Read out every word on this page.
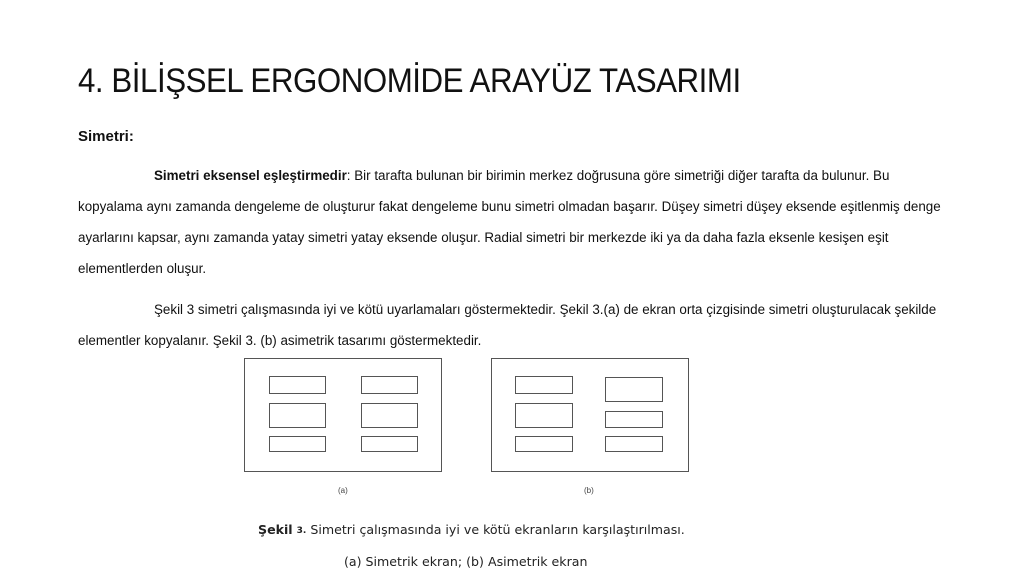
4. BİLİŞSEL ERGONOMİDE ARAYÜZ TASARIMI
Simetri:

Simetri eksensel eşleştirmedir: Bir tarafta bulunan bir birimin merkez doğrusuna göre simetriği diğer tarafta da bulunur. Bu kopyalama aynı zamanda dengeleme de oluşturur fakat dengeleme bunu simetri olmadan başarır. Düşey simetri düşey eksende eşitlenmiş denge ayarlarını kapsar, aynı zamanda yatay simetri yatay eksende oluşur. Radial simetri bir merkezde iki ya da daha fazla eksenle kesişen eşit elementlerden oluşur.

Şekil 3 simetri çalışmasında iyi ve kötü uyarlamaları göstermektedir. Şekil 3.(a) de ekran orta çizgisinde simetri oluşturulacak şekilde elementler kopyalanır. Şekil 3. (b) asimetrik tasarımı göstermektedir.

(a)	(b)
Şekil 3. Simetri çalışmasında iyi ve kötü ekranların karşılaştırılması.
(a) Simetrik ekran; (b) Asimetrik ekran
